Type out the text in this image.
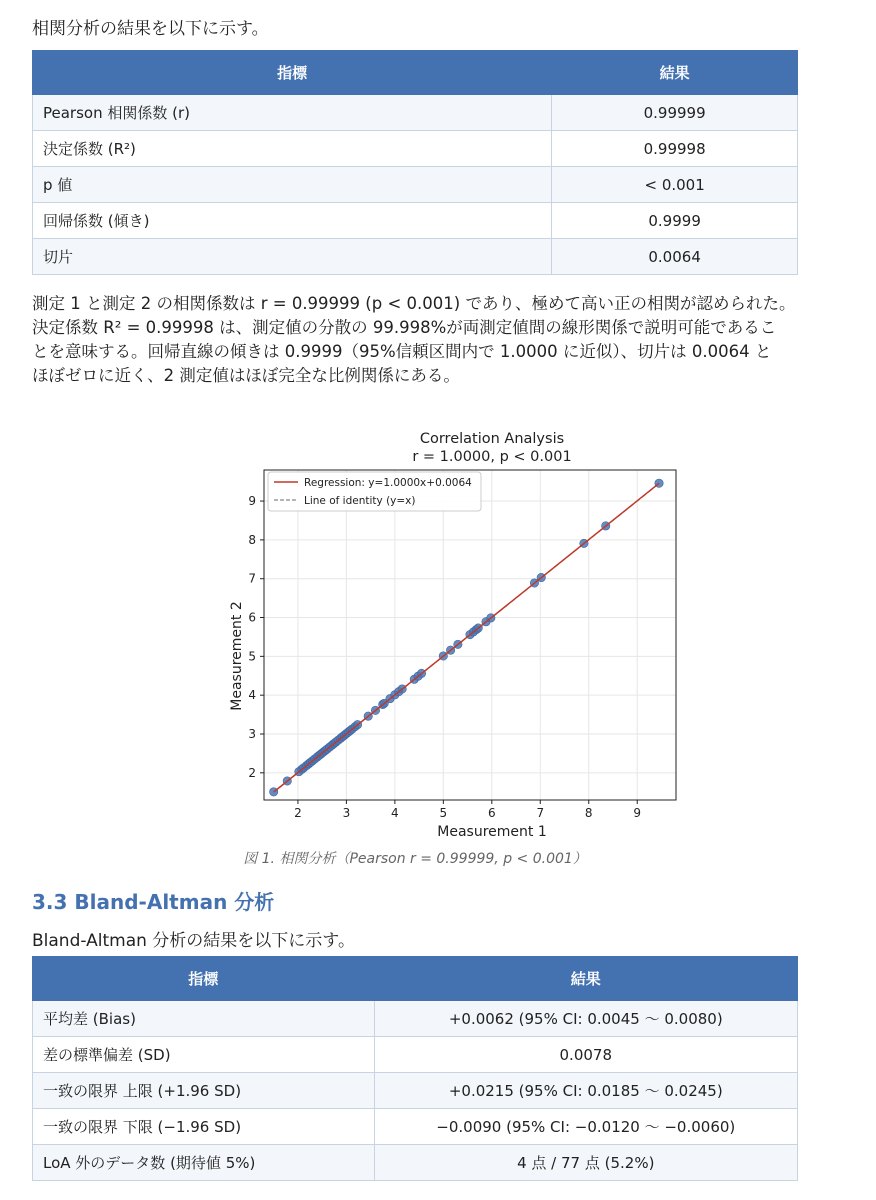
相関分析の結果を以下に示す。
指標	結果
Pearson 相関係数 (r)	0.99999
決定係数 (R²)	0.99998
p 値	< 0.001
回帰係数 (傾き)	0.9999
切片	0.0064

測定 1 と測定 2 の相関係数は r = 0.99999 (p < 0.001) であり、極めて高い正の相関が認められた。

決定係数 R² = 0.99998 は、測定値の分散の 99.998%が両測定値間の線形関係で説明可能であるこ

とを意味する。回帰直線の傾きは 0.9999（95%信頼区間内で 1.0000 に近似）、切片は 0.0064 と

ほぼゼロに近く、2 測定値はほぼ完全な比例関係にある。

Correlation Analysis
r = 1.0000, p < 0.001
2	3	4	5	6	7	8	9
2
3
4
5
6
7
8
9
Measurement 1
Measurement 2
Regression: y=1.0000x+0.0064
Line of identity (y=x)
図 1. 相関分析（Pearson r = 0.99999, p < 0.001）
3.3 Bland-Altman 分析
Bland-Altman 分析の結果を以下に示す。
指標	結果
平均差 (Bias)	+0.0062 (95% CI: 0.0045 〜 0.0080)
差の標準偏差 (SD)	0.0078
一致の限界 上限 (+1.96 SD)	+0.0215 (95% CI: 0.0185 〜 0.0245)
一致の限界 下限 (−1.96 SD)	−0.0090 (95% CI: −0.0120 〜 −0.0060)
LoA 外のデータ数 (期待値 5%)	4 点 / 77 点 (5.2%)
